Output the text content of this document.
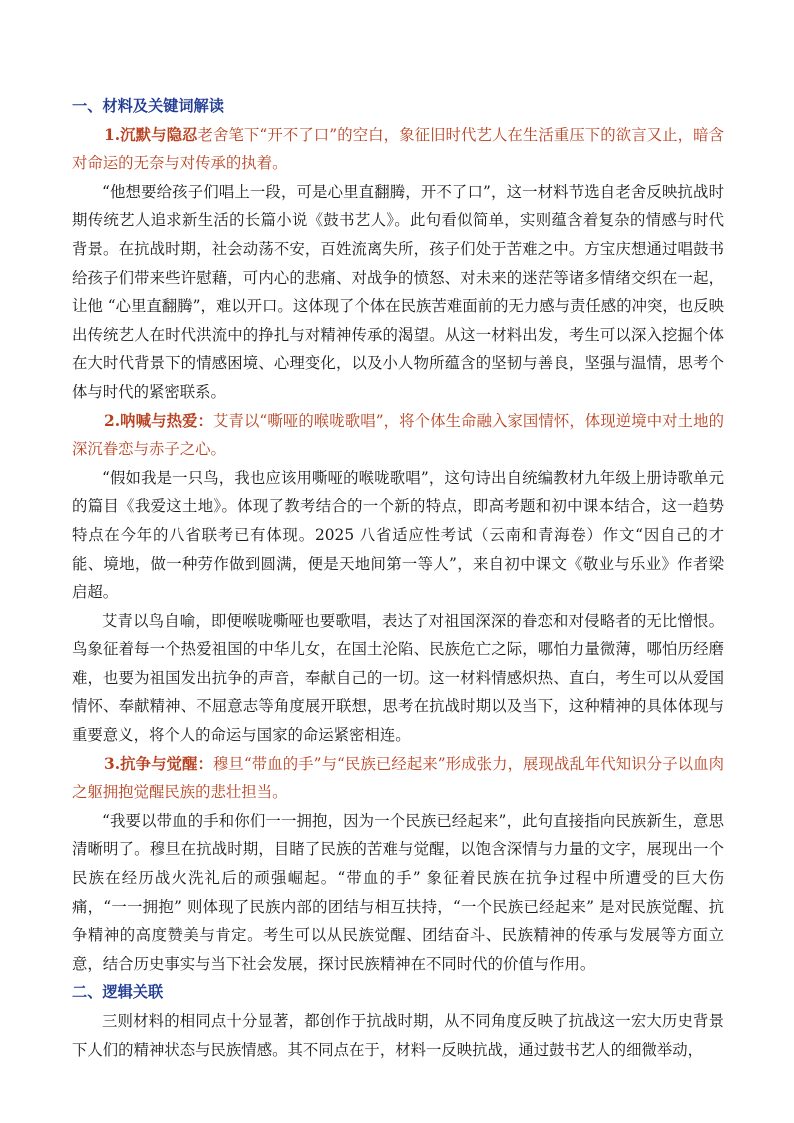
一、材料及关键词解读

1.沉默与隐忍老舍笔下“开不了口”的空白，象征旧时代艺人在生活重压下的欲言又止，暗含对命运的无奈与对传承的执着。

“他想要给孩子们唱上一段，可是心里直翻腾，开不了口”，这一材料节选自老舍反映抗战时期传统艺人追求新生活的长篇小说《鼓书艺人》。此句看似简单，实则蕴含着复杂的情感与时代背景。在抗战时期，社会动荡不安，百姓流离失所，孩子们处于苦难之中。方宝庆想通过唱鼓书给孩子们带来些许慰藉，可内心的悲痛、对战争的愤怒、对未来的迷茫等诸多情绪交织在一起，让他 “心里直翻腾”，难以开口。这体现了个体在民族苦难面前的无力感与责任感的冲突，也反映出传统艺人在时代洪流中的挣扎与对精神传承的渴望。从这一材料出发，考生可以深入挖掘个体在大时代背景下的情感困境、心理变化，以及小人物所蕴含的坚韧与善良，坚强与温情，思考个体与时代的紧密联系。

2.呐喊与热爱：艾青以“嘶哑的喉咙歌唱”，将个体生命融入家国情怀，体现逆境中对土地的深沉眷恋与赤子之心。

“假如我是一只鸟，我也应该用嘶哑的喉咙歌唱”，这句诗出自统编教材九年级上册诗歌单元的篇目《我爱这土地》。体现了教考结合的一个新的特点，即高考题和初中课本结合，这一趋势特点在今年的八省联考已有体现。2025 八省适应性考试（云南和青海卷）作文“因自己的才能、境地，做一种劳作做到圆满，便是天地间第一等人”，来自初中课文《敬业与乐业》作者梁启超。

艾青以鸟自喻，即便喉咙嘶哑也要歌唱，表达了对祖国深深的眷恋和对侵略者的无比憎恨。鸟象征着每一个热爱祖国的中华儿女，在国土沦陷、民族危亡之际，哪怕力量微薄，哪怕历经磨难，也要为祖国发出抗争的声音，奉献自己的一切。这一材料情感炽热、直白，考生可以从爱国情怀、奉献精神、不屈意志等角度展开联想，思考在抗战时期以及当下，这种精神的具体体现与重要意义，将个人的命运与国家的命运紧密相连。

3.抗争与觉醒：穆旦“带血的手”与“民族已经起来”形成张力，展现战乱年代知识分子以血肉之躯拥抱觉醒民族的悲壮担当。

“我要以带血的手和你们一一拥抱，因为一个民族已经起来”，此句直接指向民族新生，意思清晰明了。穆旦在抗战时期，目睹了民族的苦难与觉醒，以饱含深情与力量的文字，展现出一个民族在经历战火洗礼后的顽强崛起。“带血的手” 象征着民族在抗争过程中所遭受的巨大伤痛，“一一拥抱” 则体现了民族内部的团结与相互扶持，“一个民族已经起来” 是对民族觉醒、抗争精神的高度赞美与肯定。考生可以从民族觉醒、团结奋斗、民族精神的传承与发展等方面立意，结合历史事实与当下社会发展，探讨民族精神在不同时代的价值与作用。

二、逻辑关联

三则材料的相同点十分显著，都创作于抗战时期，从不同角度反映了抗战这一宏大历史背景下人们的精神状态与民族情感。其不同点在于，材料一反映抗战，通过鼓书艺人的细微举动，
